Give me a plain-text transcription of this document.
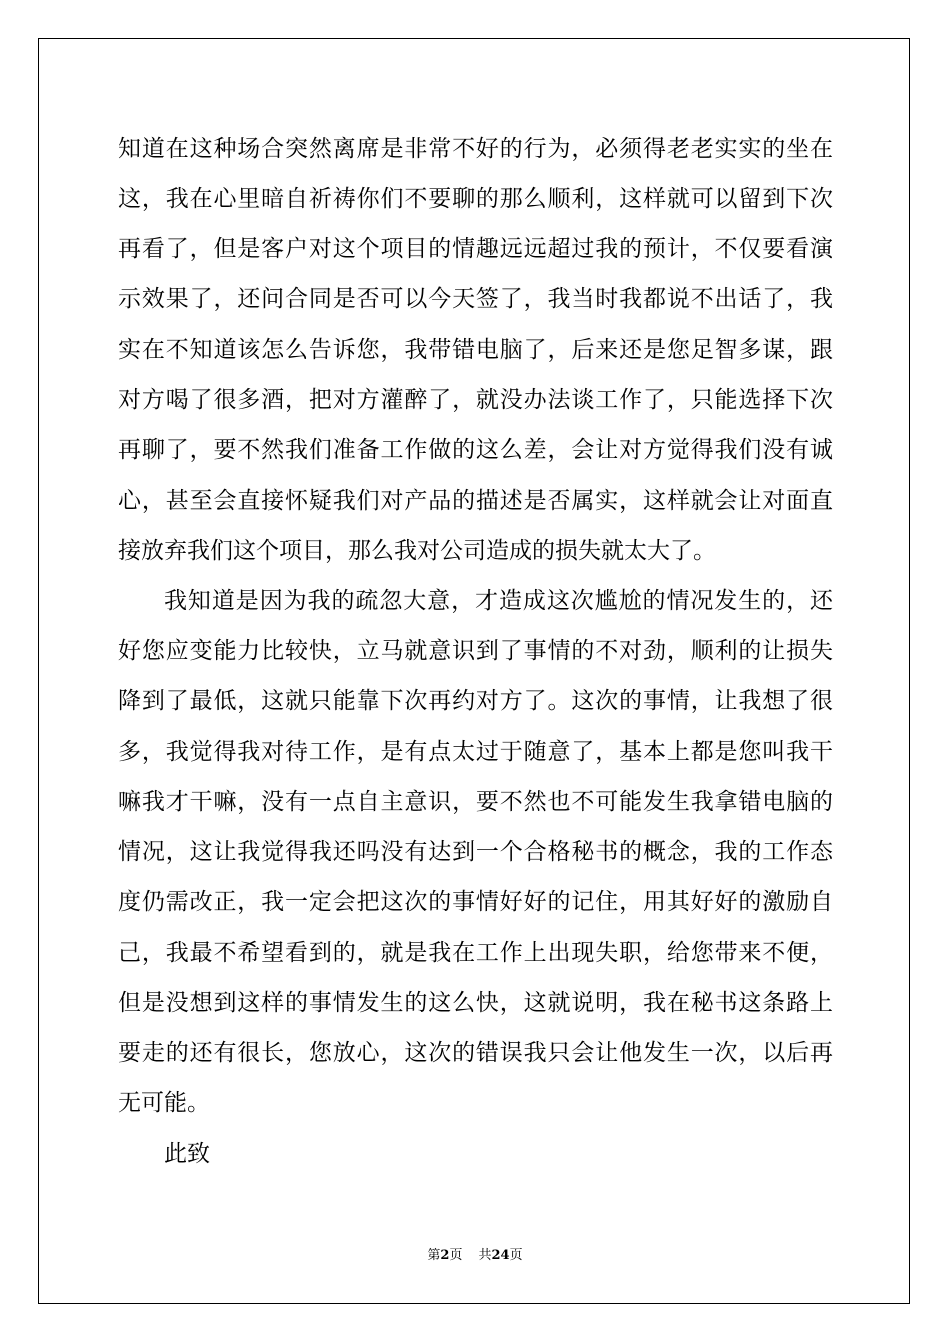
知道在这种场合突然离席是非常不好的行为，必须得老老实实的坐在
这，我在心里暗自祈祷你们不要聊的那么顺利，这样就可以留到下次
再看了，但是客户对这个项目的情趣远远超过我的预计，不仅要看演
示效果了，还问合同是否可以今天签了，我当时我都说不出话了，我
实在不知道该怎么告诉您，我带错电脑了，后来还是您足智多谋，跟
对方喝了很多酒，把对方灌醉了，就没办法谈工作了，只能选择下次
再聊了，要不然我们准备工作做的这么差，会让对方觉得我们没有诚
心，甚至会直接怀疑我们对产品的描述是否属实，这样就会让对面直
接放弃我们这个项目，那么我对公司造成的损失就太大了。
我知道是因为我的疏忽大意，才造成这次尴尬的情况发生的，还
好您应变能力比较快，立马就意识到了事情的不对劲，顺利的让损失
降到了最低，这就只能靠下次再约对方了。这次的事情，让我想了很
多，我觉得我对待工作，是有点太过于随意了，基本上都是您叫我干
嘛我才干嘛，没有一点自主意识，要不然也不可能发生我拿错电脑的
情况，这让我觉得我还吗没有达到一个合格秘书的概念，我的工作态
度仍需改正，我一定会把这次的事情好好的记住，用其好好的激励自
己，我最不希望看到的，就是我在工作上出现失职，给您带来不便，
但是没想到这样的事情发生的这么快，这就说明，我在秘书这条路上
要走的还有很长，您放心，这次的错误我只会让他发生一次，以后再
无可能。
此致
第2页 共24页
